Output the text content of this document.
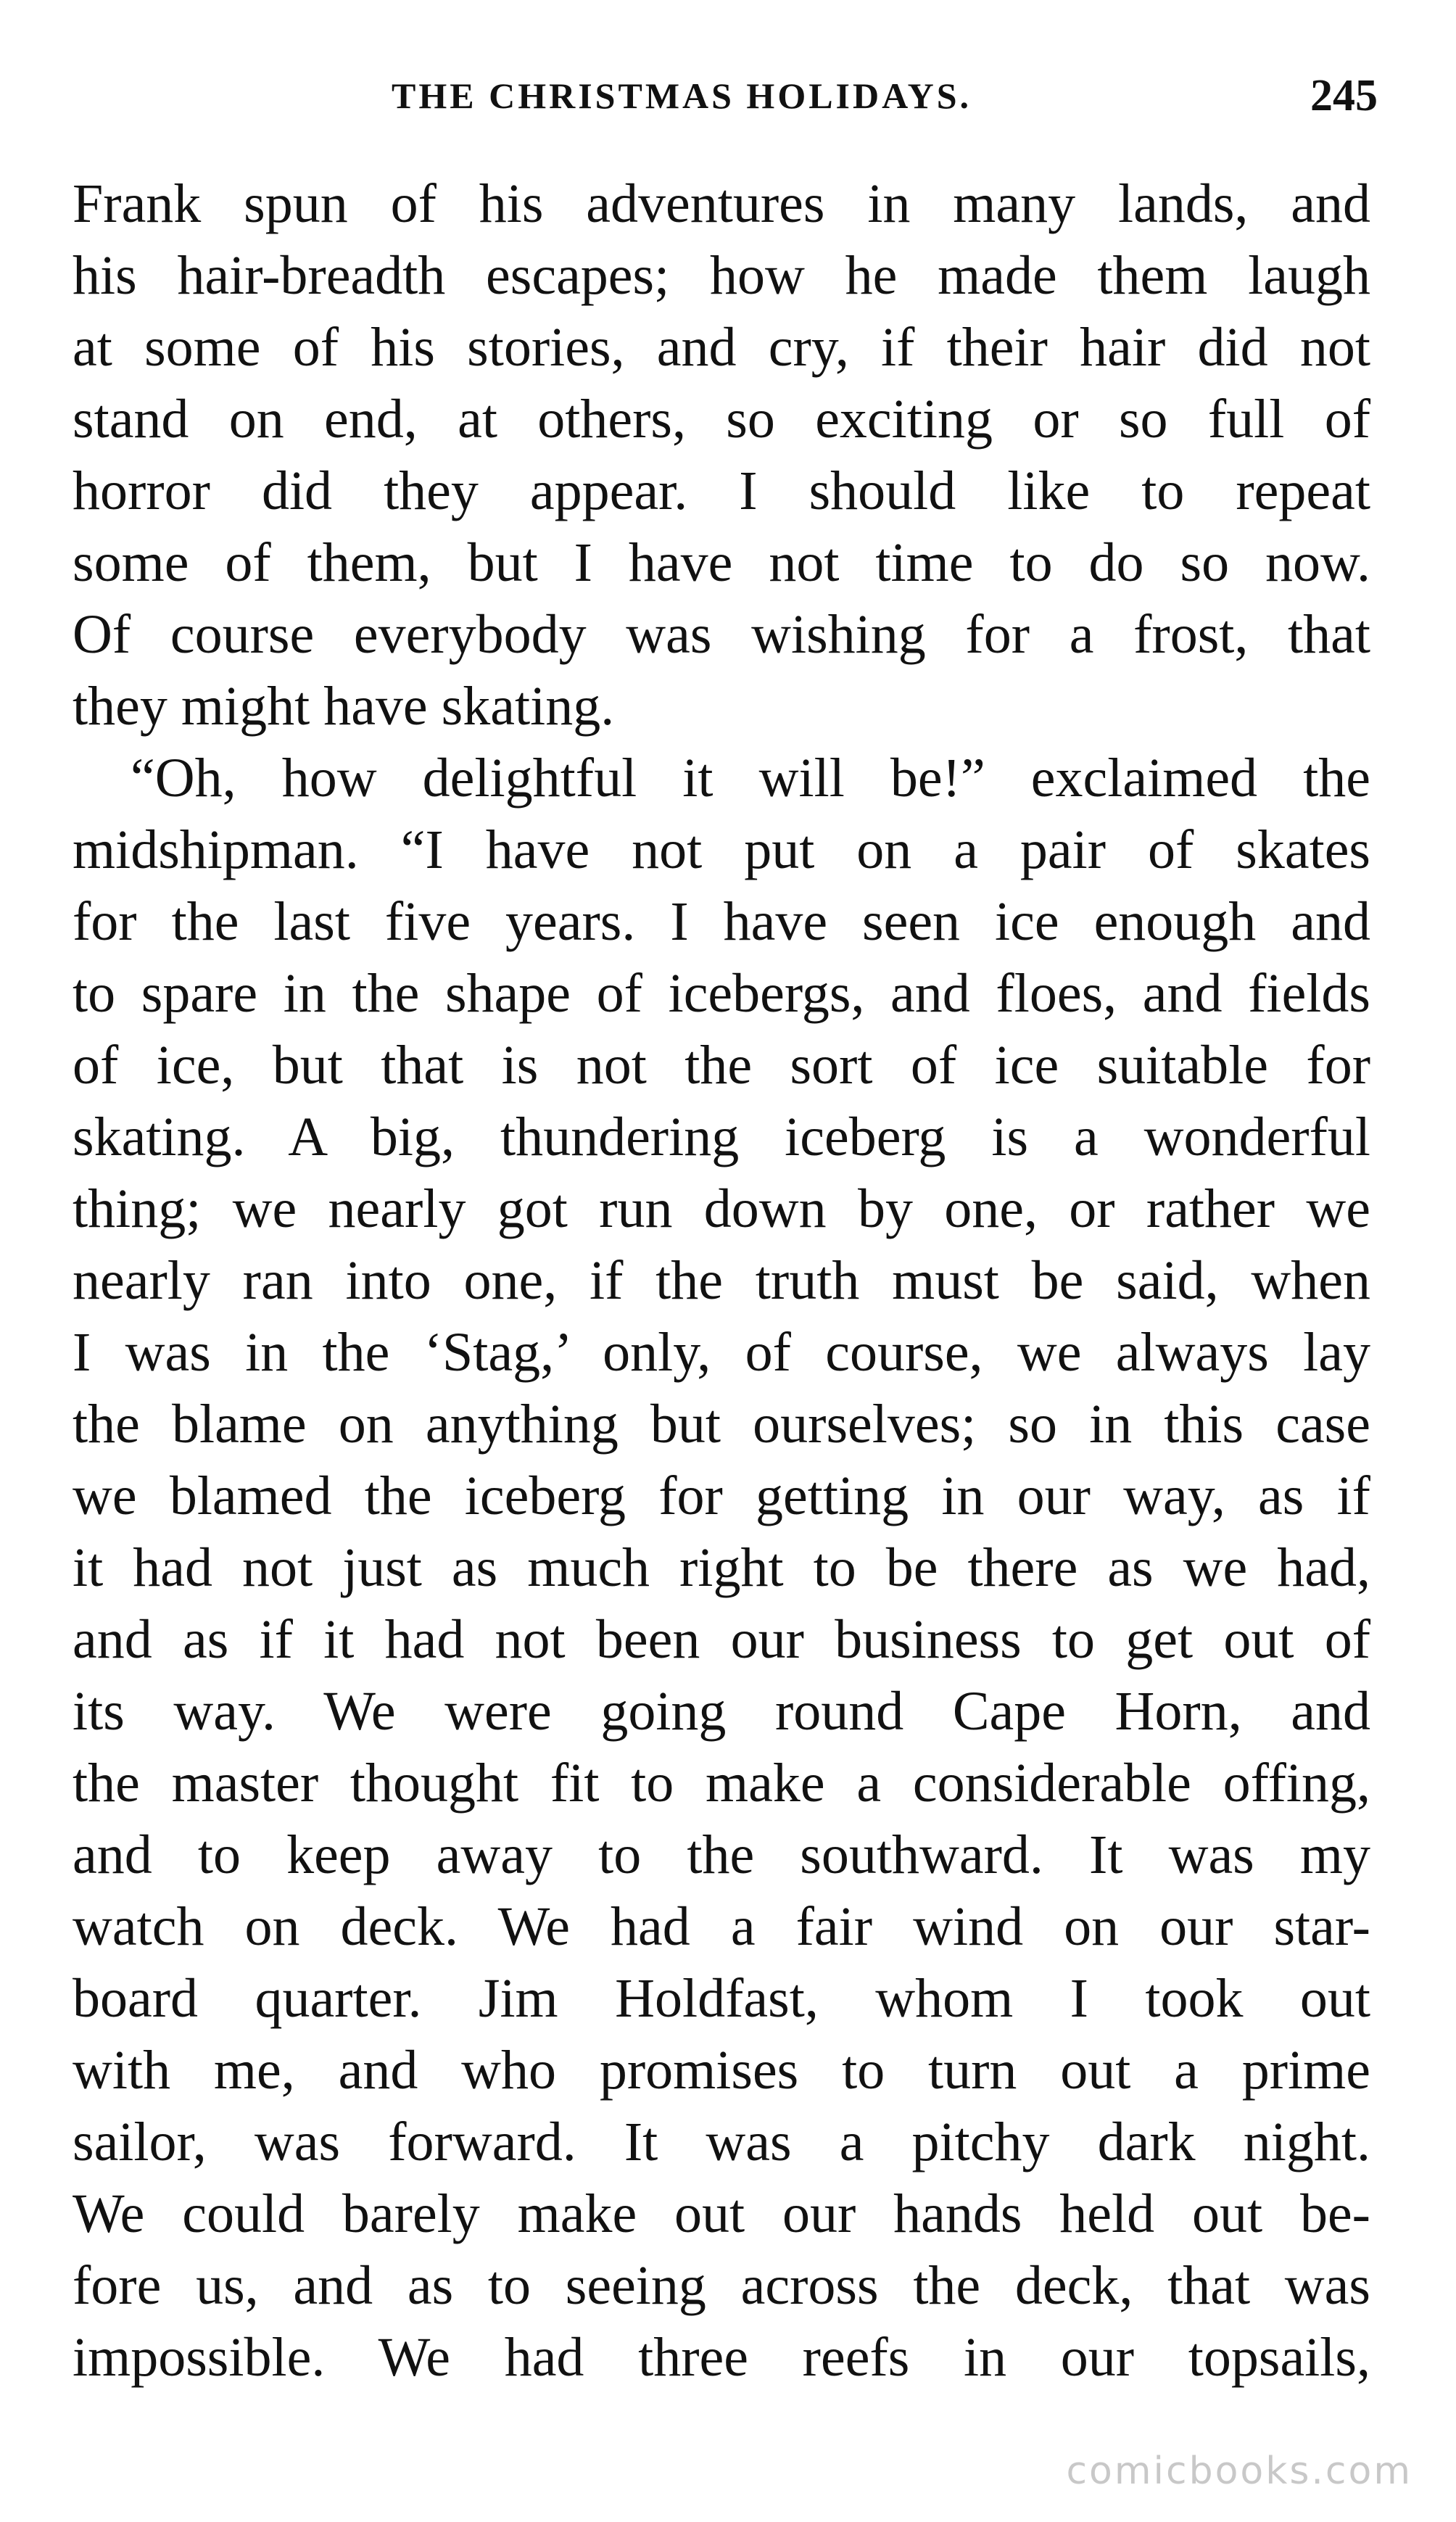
THE CHRISTMAS HOLIDAYS.	245
Frank spun of his adventures in many lands, and
his hair-breadth escapes; how he made them laugh
at some of his stories, and cry, if their hair did not
stand on end, at others, so exciting or so full of
horror did they appear. I should like to repeat
some of them, but I have not time to do so now.
Of course everybody was wishing for a frost, that
they might have skating.
“Oh, how delightful it will be!” exclaimed the
midshipman. “I have not put on a pair of skates
for the last five years. I have seen ice enough and
to spare in the shape of icebergs, and floes, and fields
of ice, but that is not the sort of ice suitable for
skating. A big, thundering iceberg is a wonderful
thing; we nearly got run down by one, or rather we
nearly ran into one, if the truth must be said, when
I was in the ‘Stag,’ only, of course, we always lay
the blame on anything but ourselves; so in this case
we blamed the iceberg for getting in our way, as if
it had not just as much right to be there as we had,
and as if it had not been our business to get out of
its way. We were going round Cape Horn, and
the master thought fit to make a considerable offing,
and to keep away to the southward. It was my
watch on deck. We had a fair wind on our star-
board quarter. Jim Holdfast, whom I took out
with me, and who promises to turn out a prime
sailor, was forward. It was a pitchy dark night.
We could barely make out our hands held out be-
fore us, and as to seeing across the deck, that was
impossible. We had three reefs in our topsails,
comicbooks.com
